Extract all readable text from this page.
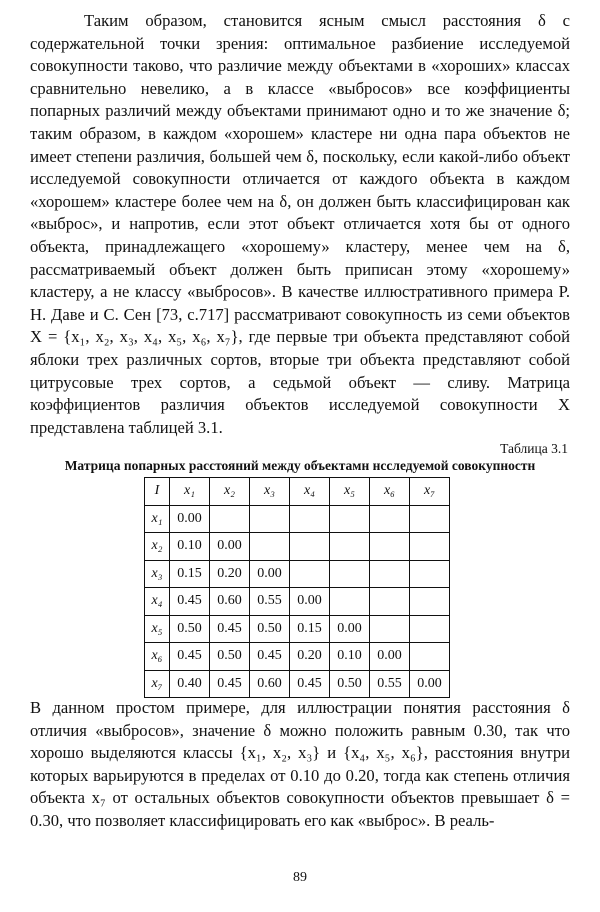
Таким образом, становится ясным смысл расстояния δ с содержательной точки зрения: оптимальное разбиение исследуемой совокупности таково, что различие между объектами в «хороших» классах сравнительно невелико, а в классе «выбросов» все коэффициенты попарных различий между объектами принимают одно и то же значение δ; таким образом, в каждом «хорошем» кластере ни одна пара объектов не имеет степени различия, большей чем δ, поскольку, если какой-либо объект исследуемой совокупности отличается от каждого объекта в каждом «хорошем» кластере более чем на δ, он должен быть классифицирован как «выброс», и напротив, если этот объект отличается хотя бы от одного объекта, принадлежащего «хорошему» кластеру, менее чем на δ, рассматриваемый объект должен быть приписан этому «хорошему» кластеру, а не классу «выбросов». В качестве иллюстративного примера Р. Н. Даве и С. Сен [73, с.717] рассматривают совокупность из семи объектов X = {x₁, x₂, x₃, x₄, x₅, x₆, x₇}, где первые три объекта представляют собой яблоки трех различных сортов, вторые три объекта представляют собой цитрусовые трех сортов, а седьмой объект — сливу. Матрица коэффициентов различия объектов исследуемой совокупности X представлена таблицей 3.1.

Таблица 3.1

Матрица попарных расстояний между объектамн нсследуемой совокупностн

I	x₁	x₂	x₃	x₄	x₅	x₆	x₇
x₁	0.00						
x₂	0.10	0.00					
x₃	0.15	0.20	0.00				
x₄	0.45	0.60	0.55	0.00			
x₅	0.50	0.45	0.50	0.15	0.00		
x₆	0.45	0.50	0.45	0.20	0.10	0.00	
x₇	0.40	0.45	0.60	0.45	0.50	0.55	0.00

В данном простом примере, для иллюстрации понятия расстояния δ отличия «выбросов», значение δ можно положить равным 0.30, так что хорошо выделяются классы {x₁, x₂, x₃} и {x₄, x₅, x₆}, расстояния внутри которых варьируются в пределах от 0.10 до 0.20, тогда как степень отличия объекта x₇ от остальных объектов совокупности объектов превышает δ = 0.30, что позволяет классифицировать его как «выброс». В реаль-

89
